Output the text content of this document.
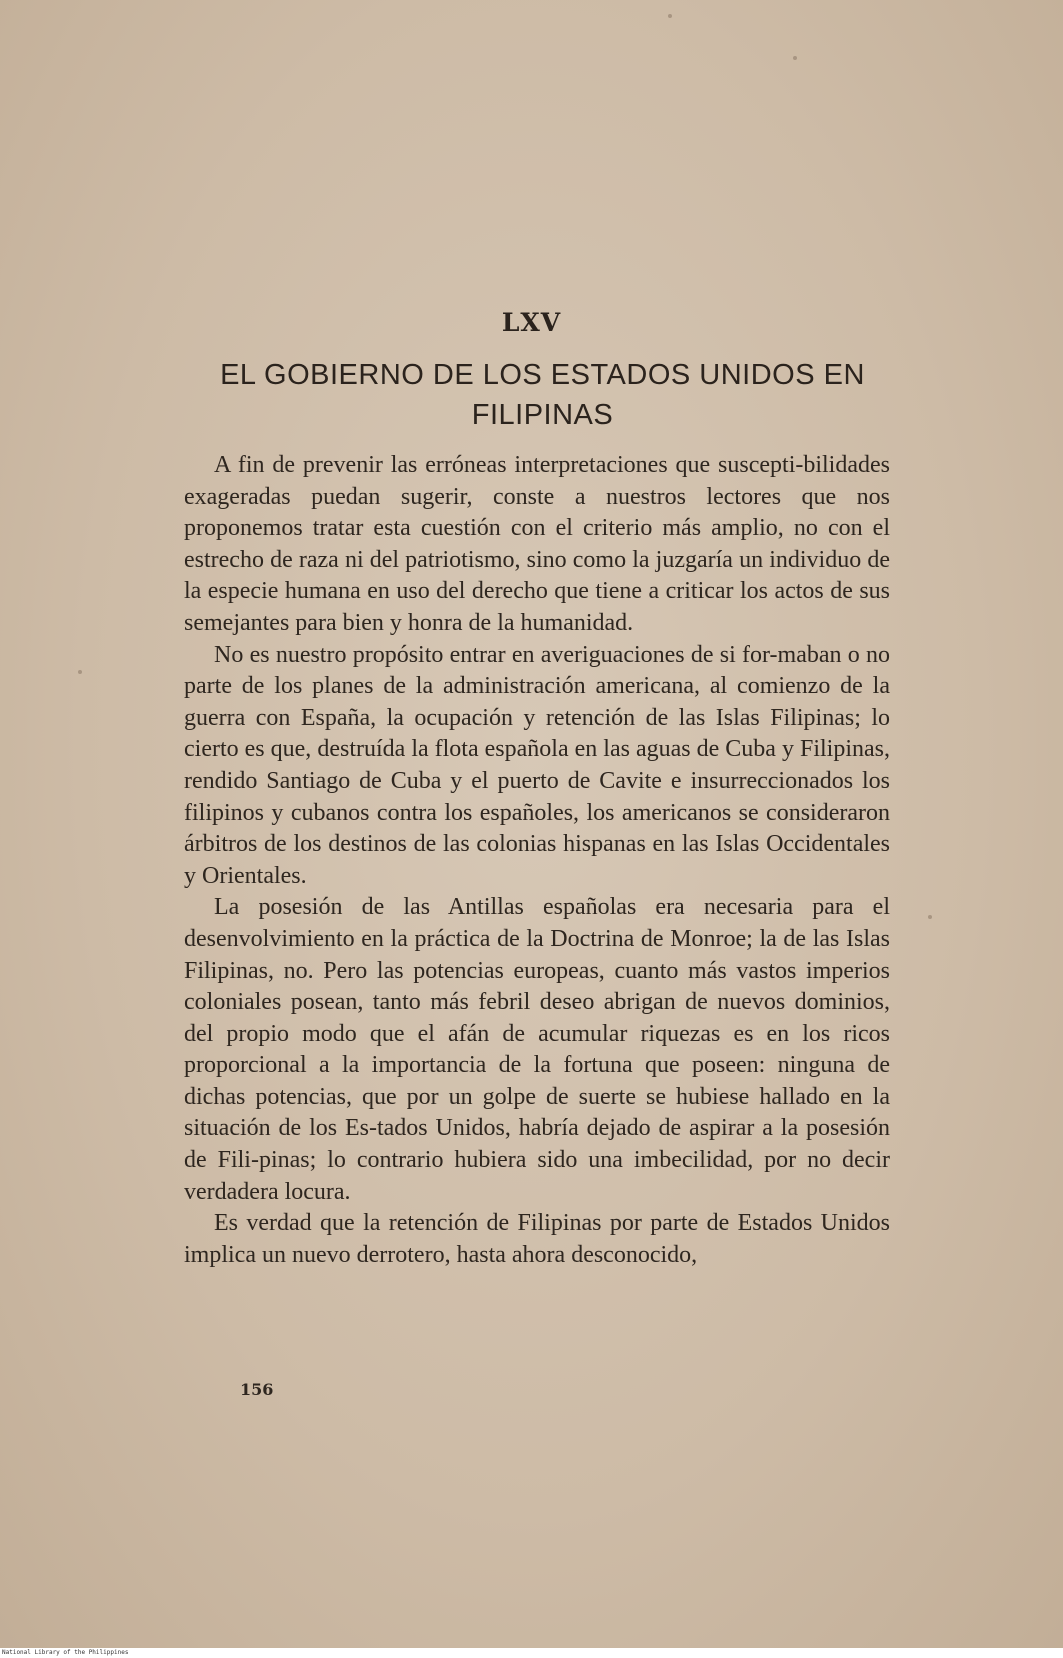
LXV
EL GOBIERNO DE LOS ESTADOS UNIDOS EN FILIPINAS

A fin de prevenir las erróneas interpretaciones que suscepti-bilidades exageradas puedan sugerir, conste a nuestros lectores que nos proponemos tratar esta cuestión con el criterio más amplio, no con el estrecho de raza ni del patriotismo, sino como la juzgaría un individuo de la especie humana en uso del derecho que tiene a criticar los actos de sus semejantes para bien y honra de la humanidad.

No es nuestro propósito entrar en averiguaciones de si for-maban o no parte de los planes de la administración americana, al comienzo de la guerra con España, la ocupación y retención de las Islas Filipinas; lo cierto es que, destruída la flota española en las aguas de Cuba y Filipinas, rendido Santiago de Cuba y el puerto de Cavite e insurreccionados los filipinos y cubanos contra los españoles, los americanos se consideraron árbitros de los destinos de las colonias hispanas en las Islas Occidentales y Orientales.

La posesión de las Antillas españolas era necesaria para el desenvolvimiento en la práctica de la Doctrina de Monroe; la de las Islas Filipinas, no. Pero las potencias europeas, cuanto más vastos imperios coloniales posean, tanto más febril deseo abrigan de nuevos dominios, del propio modo que el afán de acumular riquezas es en los ricos proporcional a la importancia de la fortuna que poseen: ninguna de dichas potencias, que por un golpe de suerte se hubiese hallado en la situación de los Es-tados Unidos, habría dejado de aspirar a la posesión de Fili-pinas; lo contrario hubiera sido una imbecilidad, por no decir verdadera locura.

Es verdad que la retención de Filipinas por parte de Estados Unidos implica un nuevo derrotero, hasta ahora desconocido,

156
National Library of the Philippines
